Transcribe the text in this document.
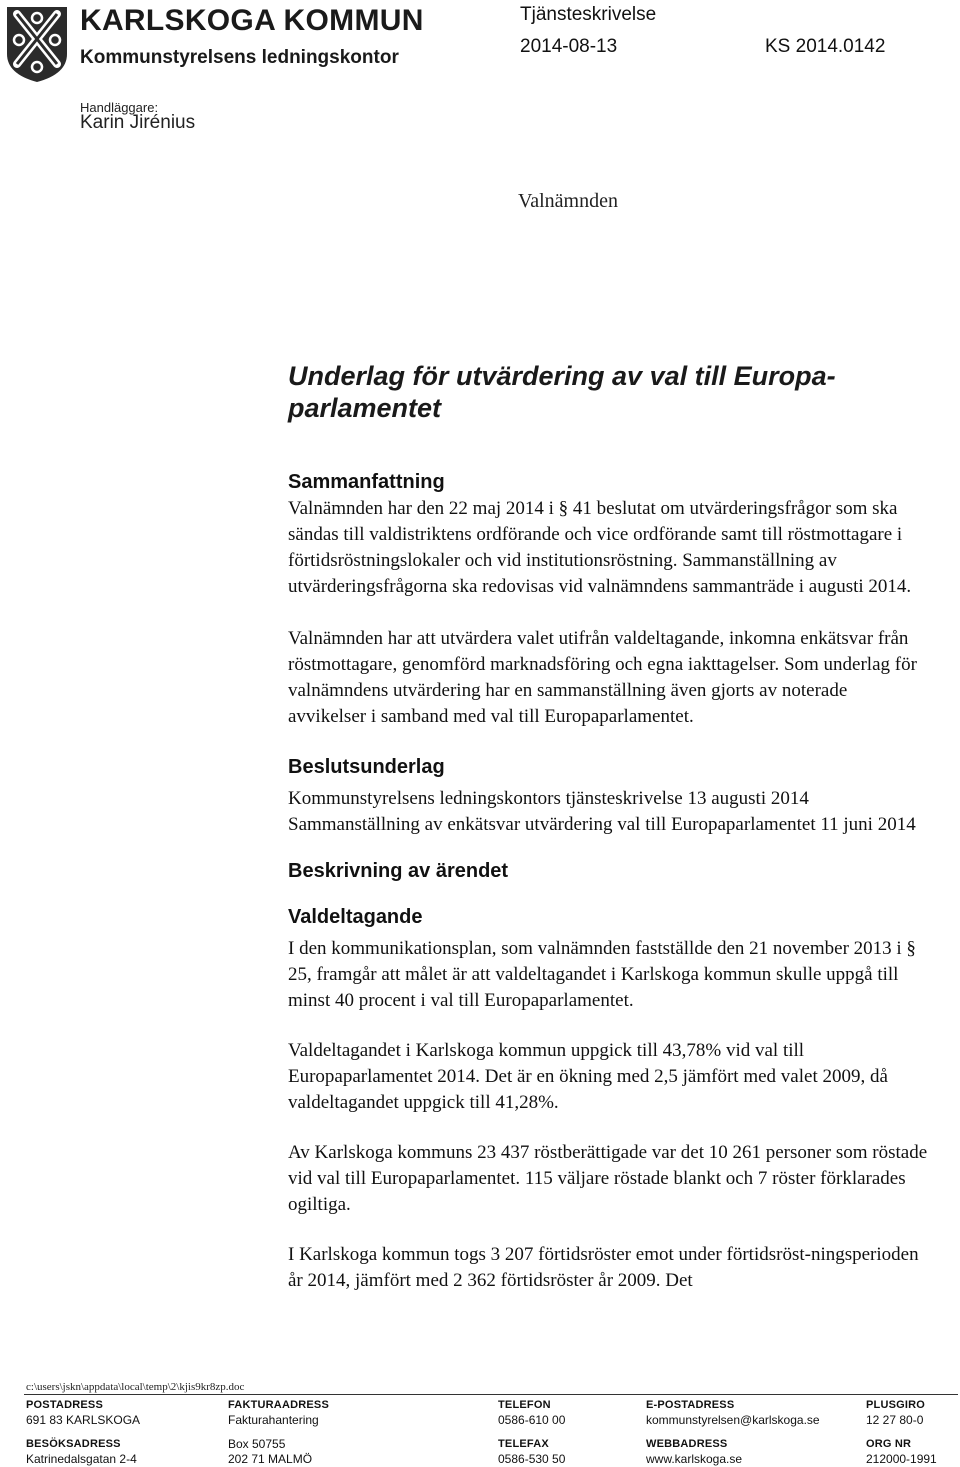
KARLSKOGA KOMMUN
Kommunstyrelsens ledningskontor
Tjänsteskrivelse
2014-08-13	KS 2014.0142
Handläggare:
Karin Jirénius
Valnämnden
Underlag för utvärdering av val till Europa-
parlamentet
Sammanfattning

Valnämnden har den 22 maj 2014 i § 41 beslutat om utvärderingsfrågor som ska sändas till valdistriktens ordförande och vice ordförande samt till röstmottagare i förtidsröstningslokaler och vid institutionsröstning. Sammanställning av utvärderingsfrågorna ska redovisas vid valnämndens sammanträde i augusti 2014.

Valnämnden har att utvärdera valet utifrån valdeltagande, inkomna enkätsvar från röstmottagare, genomförd marknadsföring och egna iakttagelser. Som underlag för valnämndens utvärdering har en sammanställning även gjorts av noterade avvikelser i samband med val till Europaparlamentet.

Beslutsunderlag

Kommunstyrelsens ledningskontors tjänsteskrivelse 13 augusti 2014

Sammanställning av enkätsvar utvärdering val till Europaparlamentet 11 juni 2014

Beskrivning av ärendet
Valdeltagande

I den kommunikationsplan, som valnämnden fastställde den 21 november 2013 i § 25, framgår att målet är att valdeltagandet i Karlskoga kommun skulle uppgå till minst 40 procent i val till Europaparlamentet.

Valdeltagandet i Karlskoga kommun uppgick till 43,78% vid val till Europaparlamentet 2014. Det är en ökning med 2,5 jämfört med valet 2009, då valdeltagandet uppgick till 41,28%.

Av Karlskoga kommuns 23 437 röstberättigade var det 10 261 personer som röstade vid val till Europaparlamentet. 115 väljare röstade blankt och 7 röster förklarades ogiltiga.

I Karlskoga kommun togs 3 207 förtidsröster emot under förtidsröst-ningsperioden år 2014, jämfört med 2 362 förtidsröster år 2009. Det

c:\users\jskn\appdata\local\temp\2\kjis9kr8zp.doc
POSTADRESS
691 83 KARLSKOGA
BESÖKSADRESS
Katrinedalsgatan 2-4
FAKTURAADRESS
Fakturahantering
Box 50755
202 71 MALMÖ
TELEFON
0586-610 00
TELEFAX
0586-530 50
E-POSTADRESS
kommunstyrelsen@karlskoga.se
WEBBADRESS
www.karlskoga.se
PLUSGIRO
12 27 80-0
ORG NR
212000-1991
